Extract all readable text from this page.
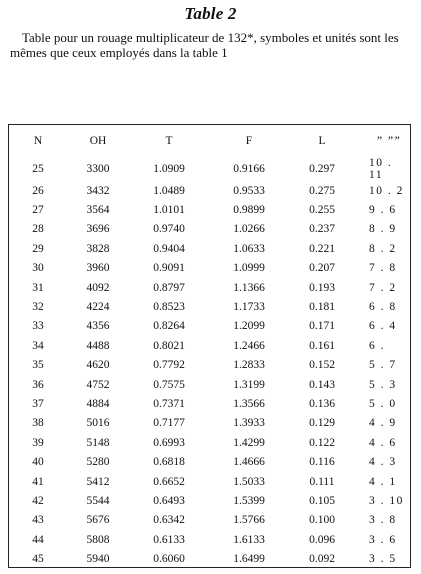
Table 2
Table pour un rouage multiplicateur de 132*, symboles et unités sont les mêmes que ceux employés dans la table 1
N	OH	T	F	L	” ””
25	3300	1.0909	0.9166	0.297	10 . 11
26	3432	1.0489	0.9533	0.275	10 . 2
27	3564	1.0101	0.9899	0.255	9 . 6
28	3696	0.9740	1.0266	0.237	8 . 9
29	3828	0.9404	1.0633	0.221	8 . 2
30	3960	0.9091	1.0999	0.207	7 . 8
31	4092	0.8797	1.1366	0.193	7 . 2
32	4224	0.8523	1.1733	0.181	6 . 8
33	4356	0.8264	1.2099	0.171	6 . 4
34	4488	0.8021	1.2466	0.161	6 .
35	4620	0.7792	1.2833	0.152	5 . 7
36	4752	0.7575	1.3199	0.143	5 . 3
37	4884	0.7371	1.3566	0.136	5 . 0
38	5016	0.7177	1.3933	0.129	4 . 9
39	5148	0.6993	1.4299	0.122	4 . 6
40	5280	0.6818	1.4666	0.116	4 . 3
41	5412	0.6652	1.5033	0.111	4 . 1
42	5544	0.6493	1.5399	0.105	3 . 10
43	5676	0.6342	1.5766	0.100	3 . 8
44	5808	0.6133	1.6133	0.096	3 . 6
45	5940	0.6060	1.6499	0.092	3 . 5
